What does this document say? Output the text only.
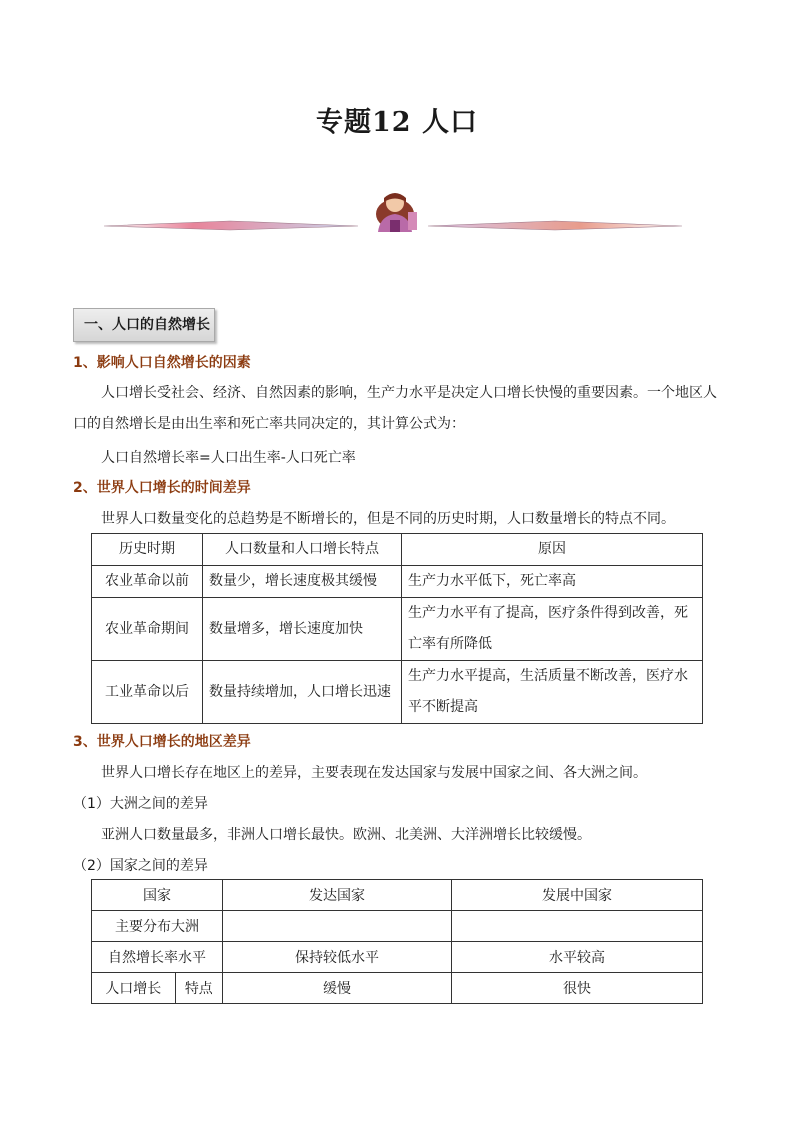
专题12 人口
一、人口的自然增长
1、影响人口自然增长的因素

人口增长受社会、经济、自然因素的影响，生产力水平是决定人口增长快慢的重要因素。一个地区人口的自然增长是由出生率和死亡率共同决定的，其计算公式为：

人口自然增长率=人口出生率-人口死亡率
2、世界人口增长的时间差异
世界人口数量变化的总趋势是不断增长的，但是不同的历史时期，人口数量增长的特点不同。
历史时期	人口数量和人口增长特点	原因
农业革命以前	数量少，增长速度极其缓慢	生产力水平低下，死亡率高
农业革命期间	数量增多，增长速度加快	生产力水平有了提高，医疗条件得到改善，死亡率有所降低
工业革命以后	数量持续增加，人口增长迅速	生产力水平提高，生活质量不断改善，医疗水平不断提高
3、世界人口增长的地区差异
世界人口增长存在地区上的差异，主要表现在发达国家与发展中国家之间、各大洲之间。
（1）大洲之间的差异
亚洲人口数量最多，非洲人口增长最快。欧洲、北美洲、大洋洲增长比较缓慢。
（2）国家之间的差异
国家		发达国家	发展中国家
主要分布大洲			
自然增长率水平		保持较低水平	水平较高
人口增长	特点	缓慢	很快
